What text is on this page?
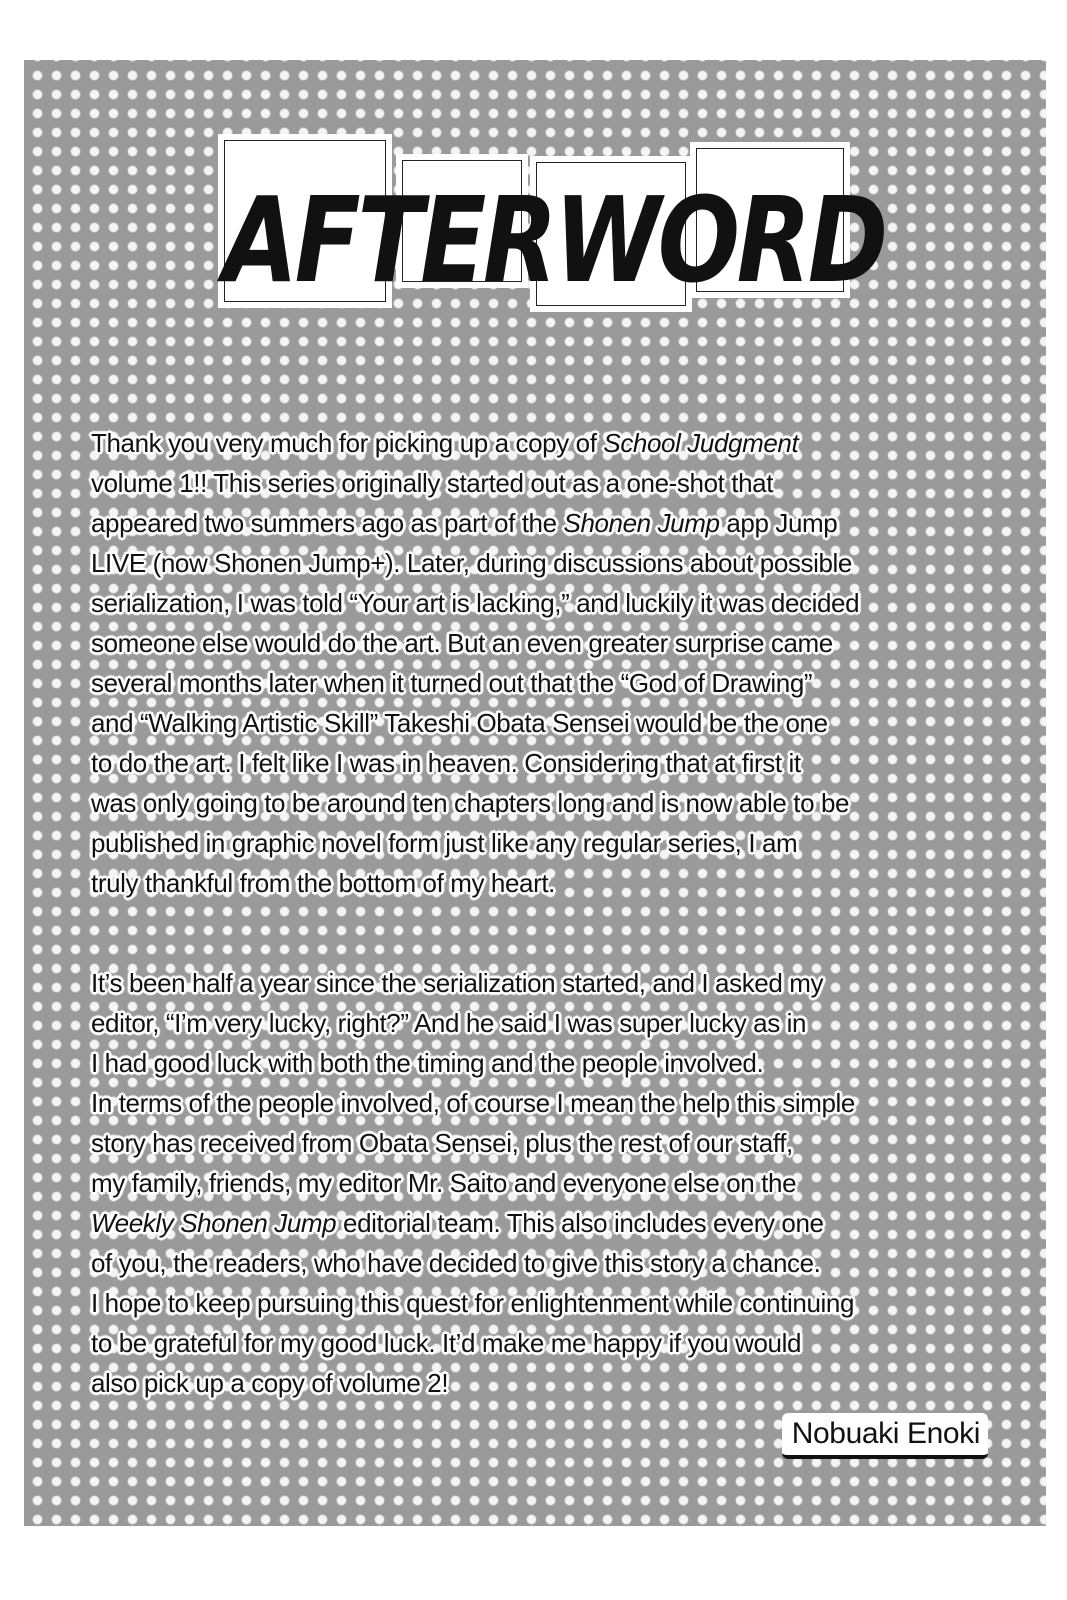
AFTERWORD
Thank you very much for picking up a copy of School Judgment
volume 1!! This series originally started out as a one-shot that
appeared two summers ago as part of the Shonen Jump app Jump
LIVE (now Shonen Jump+). Later, during discussions about possible
serialization, I was told “Your art is lacking,” and luckily it was decided
someone else would do the art. But an even greater surprise came
several months later when it turned out that the “God of Drawing”
and “Walking Artistic Skill” Takeshi Obata Sensei would be the one
to do the art. I felt like I was in heaven. Considering that at first it
was only going to be around ten chapters long and is now able to be
published in graphic novel form just like any regular series, I am
truly thankful from the bottom of my heart.
It’s been half a year since the serialization started, and I asked my
editor, “I’m very lucky, right?” And he said I was super lucky as in
I had good luck with both the timing and the people involved.
In terms of the people involved, of course I mean the help this simple
story has received from Obata Sensei, plus the rest of our staff,
my family, friends, my editor Mr. Saito and everyone else on the
Weekly Shonen Jump editorial team. This also includes every one
of you, the readers, who have decided to give this story a chance.
I hope to keep pursuing this quest for enlightenment while continuing
to be grateful for my good luck. It’d make me happy if you would
also pick up a copy of volume 2!
Nobuaki Enoki
